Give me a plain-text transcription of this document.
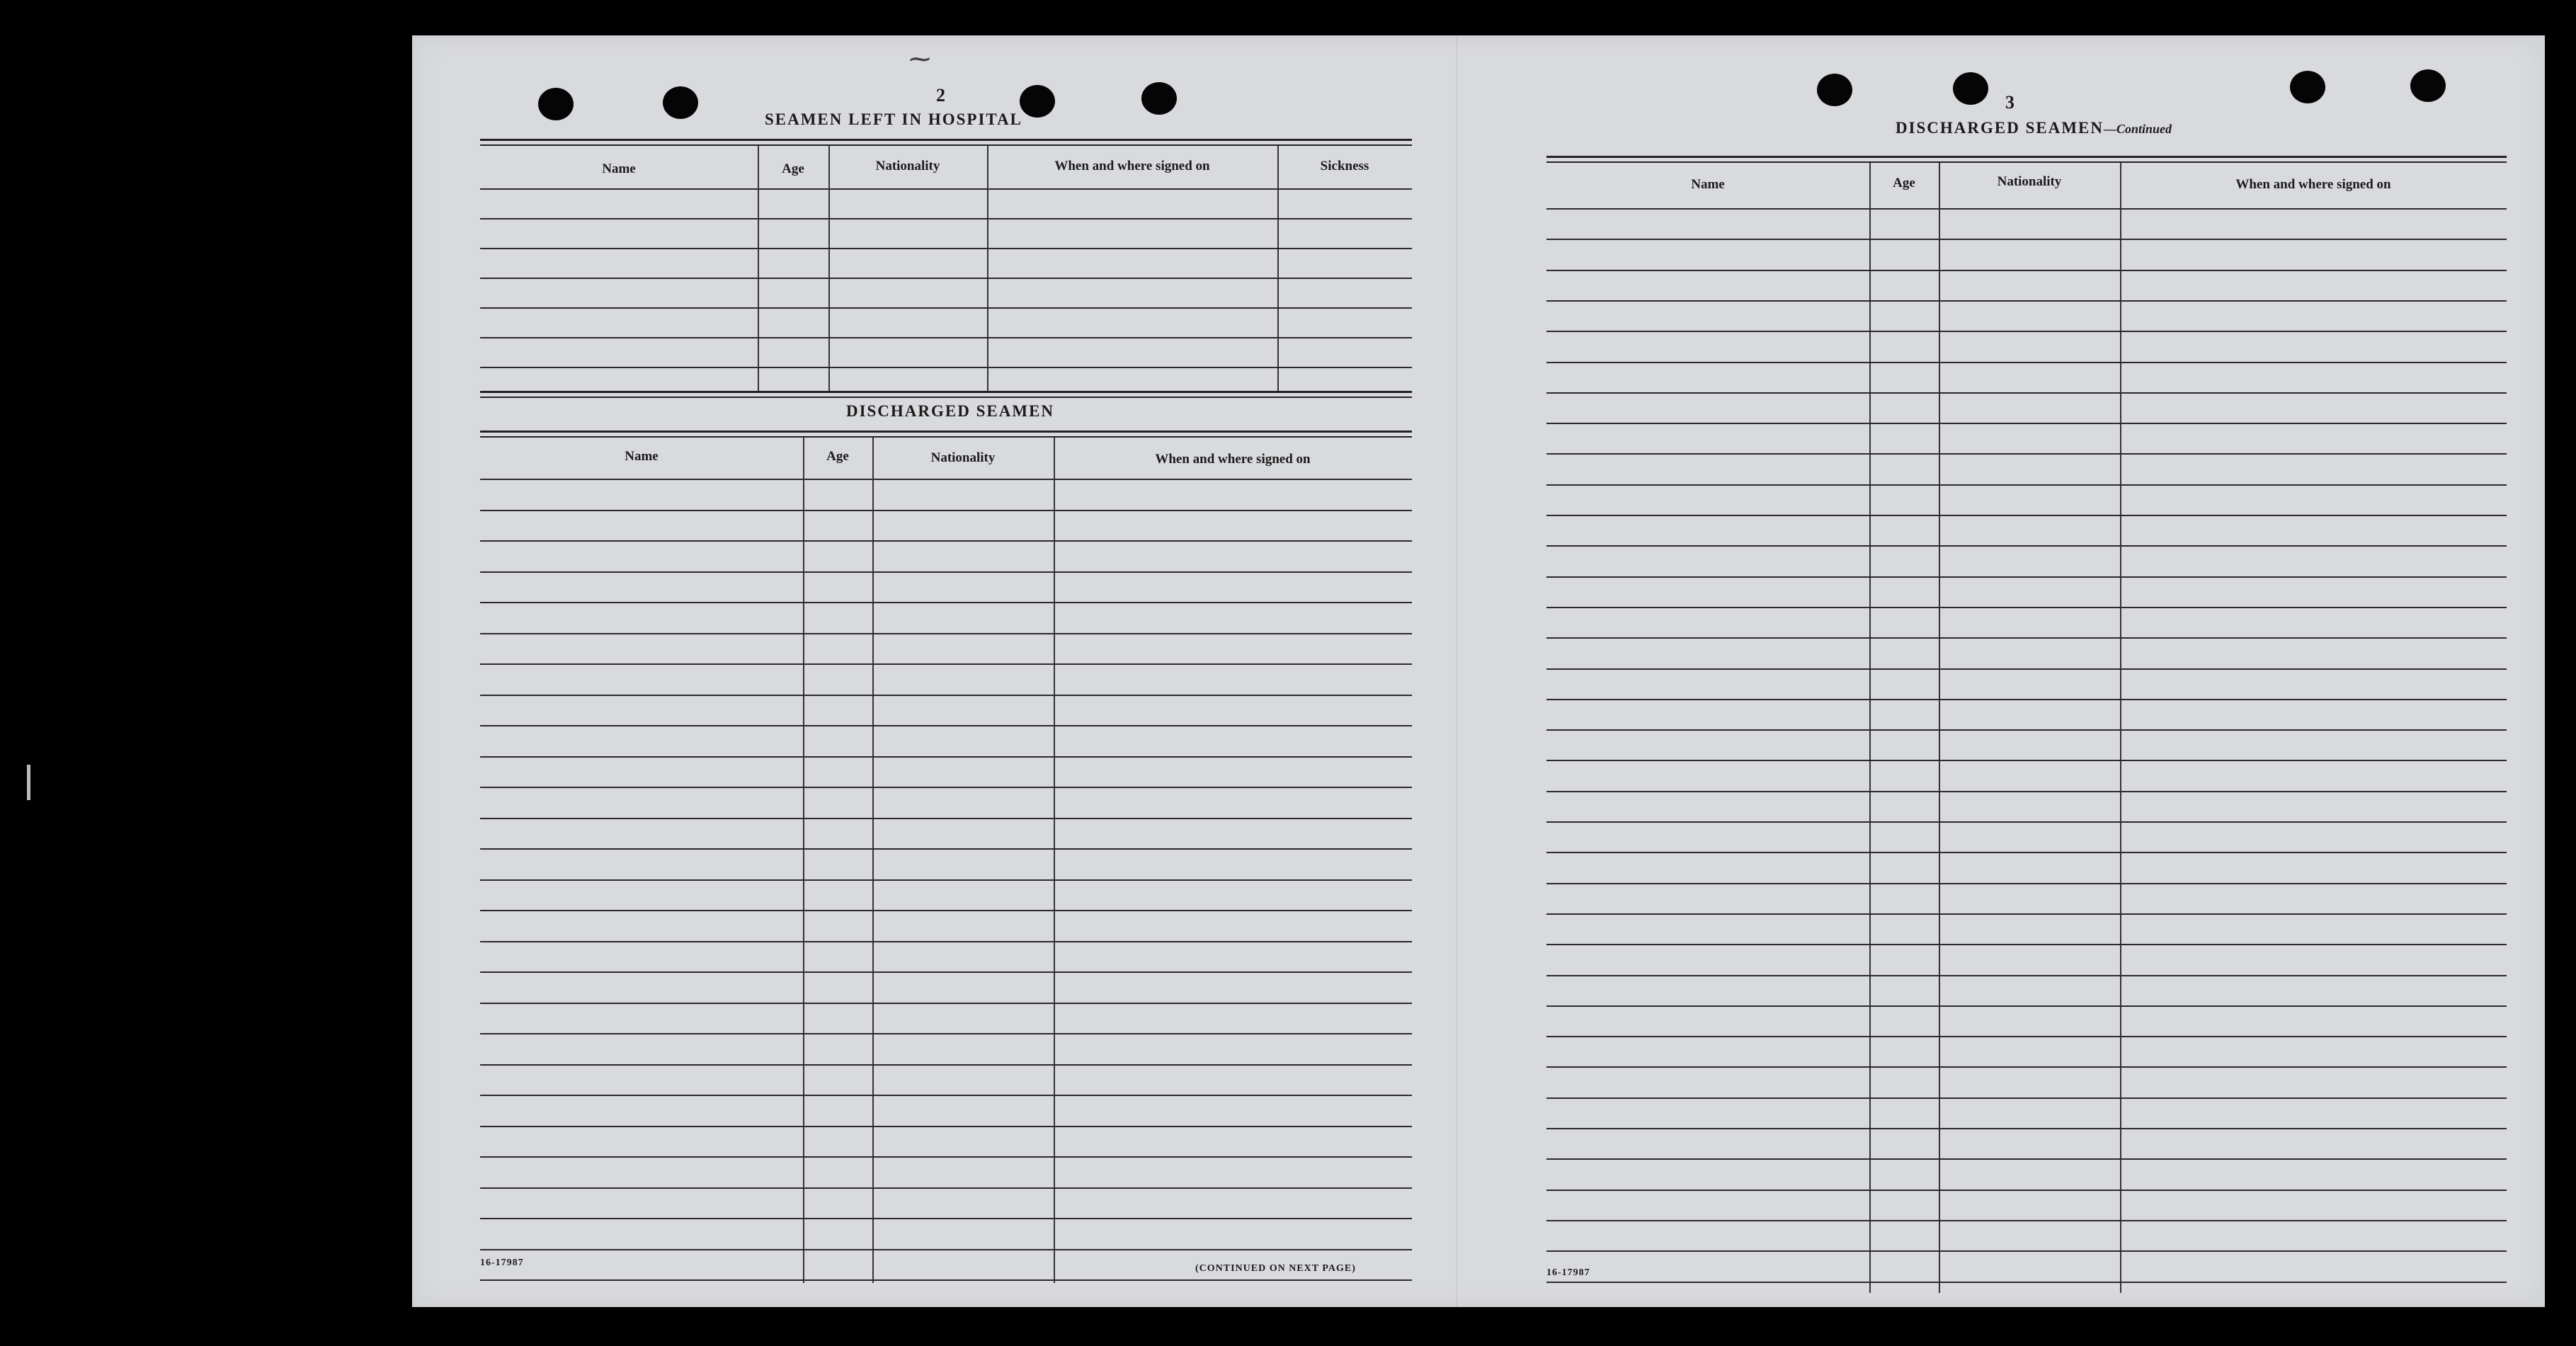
⁓
2
SEAMEN LEFT IN HOSPITAL
Name	Age	Nationality	When and where signed on	Sickness
DISCHARGED SEAMEN
Name	Age	Nationality	When and where signed on
16-17987
(CONTINUED ON NEXT PAGE)
3
DISCHARGED SEAMEN—Continued
Name	Age	Nationality	When and where signed on
16-17987
